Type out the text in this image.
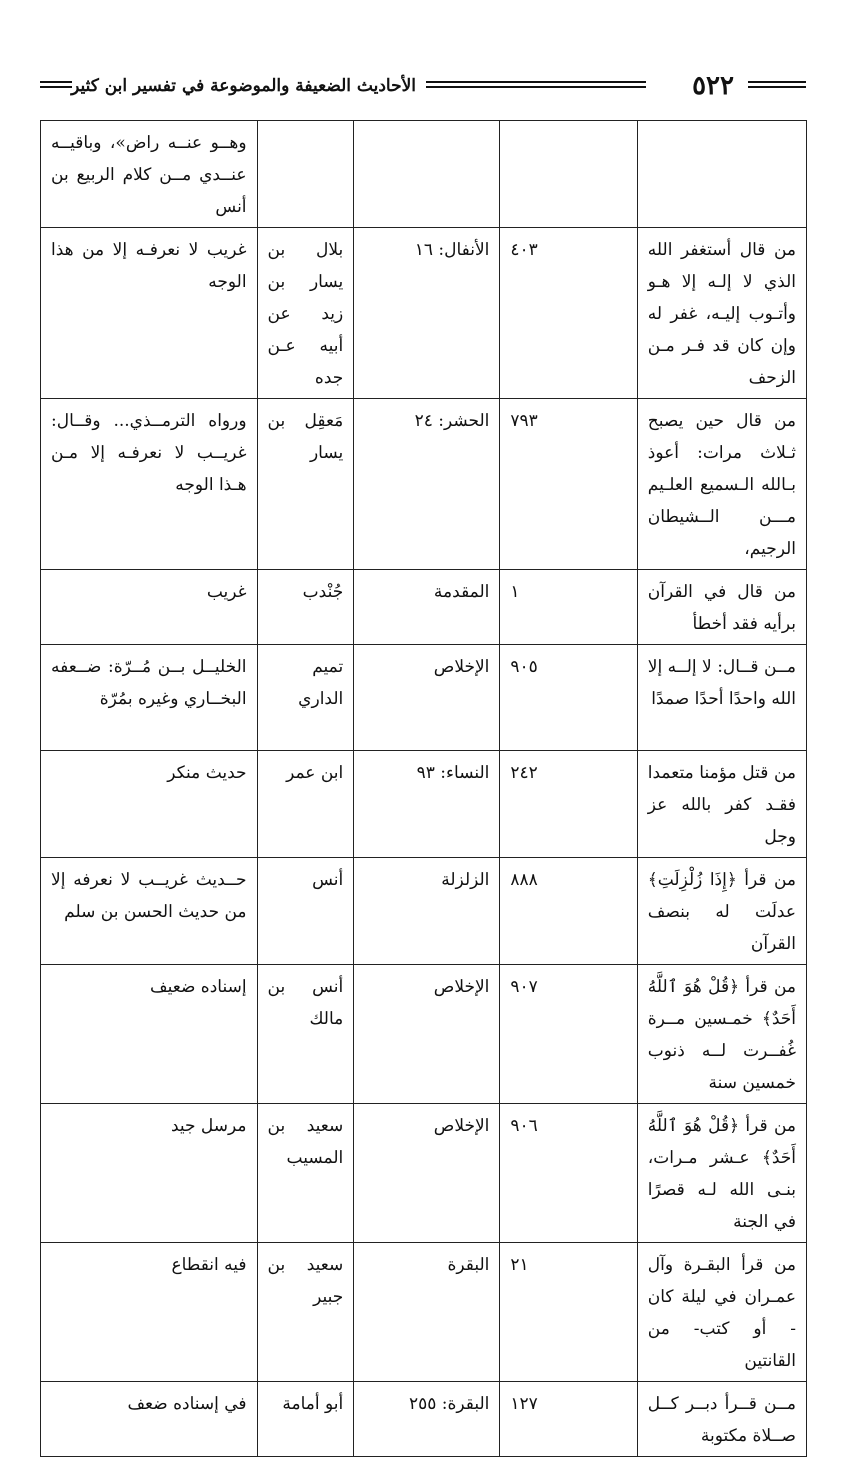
٥٢٢
الأحاديث الضعيفة والموضوعة في تفسير ابن كثير
				وهــو عنــه راض»، وباقيــه عنــدي مــن كلام الربيع بن أنس
من قال أستغفر الله الذي لا إلـه إلا هـو وأتـوب إليـه، غفر له وإن كان قد فـر مـن الزحف	٤٠٣	الأنفال: ١٦	بلال بن يسار بن زيد عن أبيه عـن جده	غريب لا نعرفـه إلا من هذا الوجه
من قال حين يصبح ثـلاث مرات: أعوذ بـالله الـسميع العلـيم مـــن الــشيطان الرجيم،	٧٩٣	الحشر: ٢٤	مَعقِل بن يسار	ورواه الترمــذي... وقــال: غريــب لا نعرفـه إلا مـن هـذا الوجه
من قال في القرآن برأيه فقد أخطأ	١	المقدمة	جُنْدب	غريب
مــن قــال: لا إلــه إلا الله واحدًا أحدًا صمدًا	٩٠٥	الإخلاص	تميم الداري	الخليــل بــن مُــرّة: ضــعفه البخــاري وغيره بمُرّة
من قتل مؤمنا متعمدا فقـد كفر بالله عز وجل	٢٤٢	النساء: ٩٣	ابن عمر	حديث منكر
من قرأ ﴿إِذَا زُلْزِلَتِ﴾ عدلَت له بنصف القرآن	٨٨٨	الزلزلة	أنس	حــديث غريــب لا نعرفه إلا من حديث الحسن بن سلم
من قرأ ﴿قُلْ هُوَ ٱللَّهُ أَحَدٌ﴾ خمـسين مــرة غُفــرت لــه ذنوب خمسين سنة	٩٠٧	الإخلاص	أنس بن مالك	إسناده ضعيف
من قرأ ﴿قُلْ هُوَ ٱللَّهُ أَحَدٌ﴾ عـشر مـرات، بنـى الله لـه قصرًا في الجنة	٩٠٦	الإخلاص	سعيد بن المسيب	مرسل جيد
من قرأ البقـرة وآل عمـران في ليلة كان - أو كتب- من القانتين	٢١	البقرة	سعيد بن جبير	فيه انقطاع
مــن قــرأ دبــر كــل صــلاة مكتوبة	١٢٧	البقرة: ٢٥٥	أبو أمامة	في إسناده ضعف
